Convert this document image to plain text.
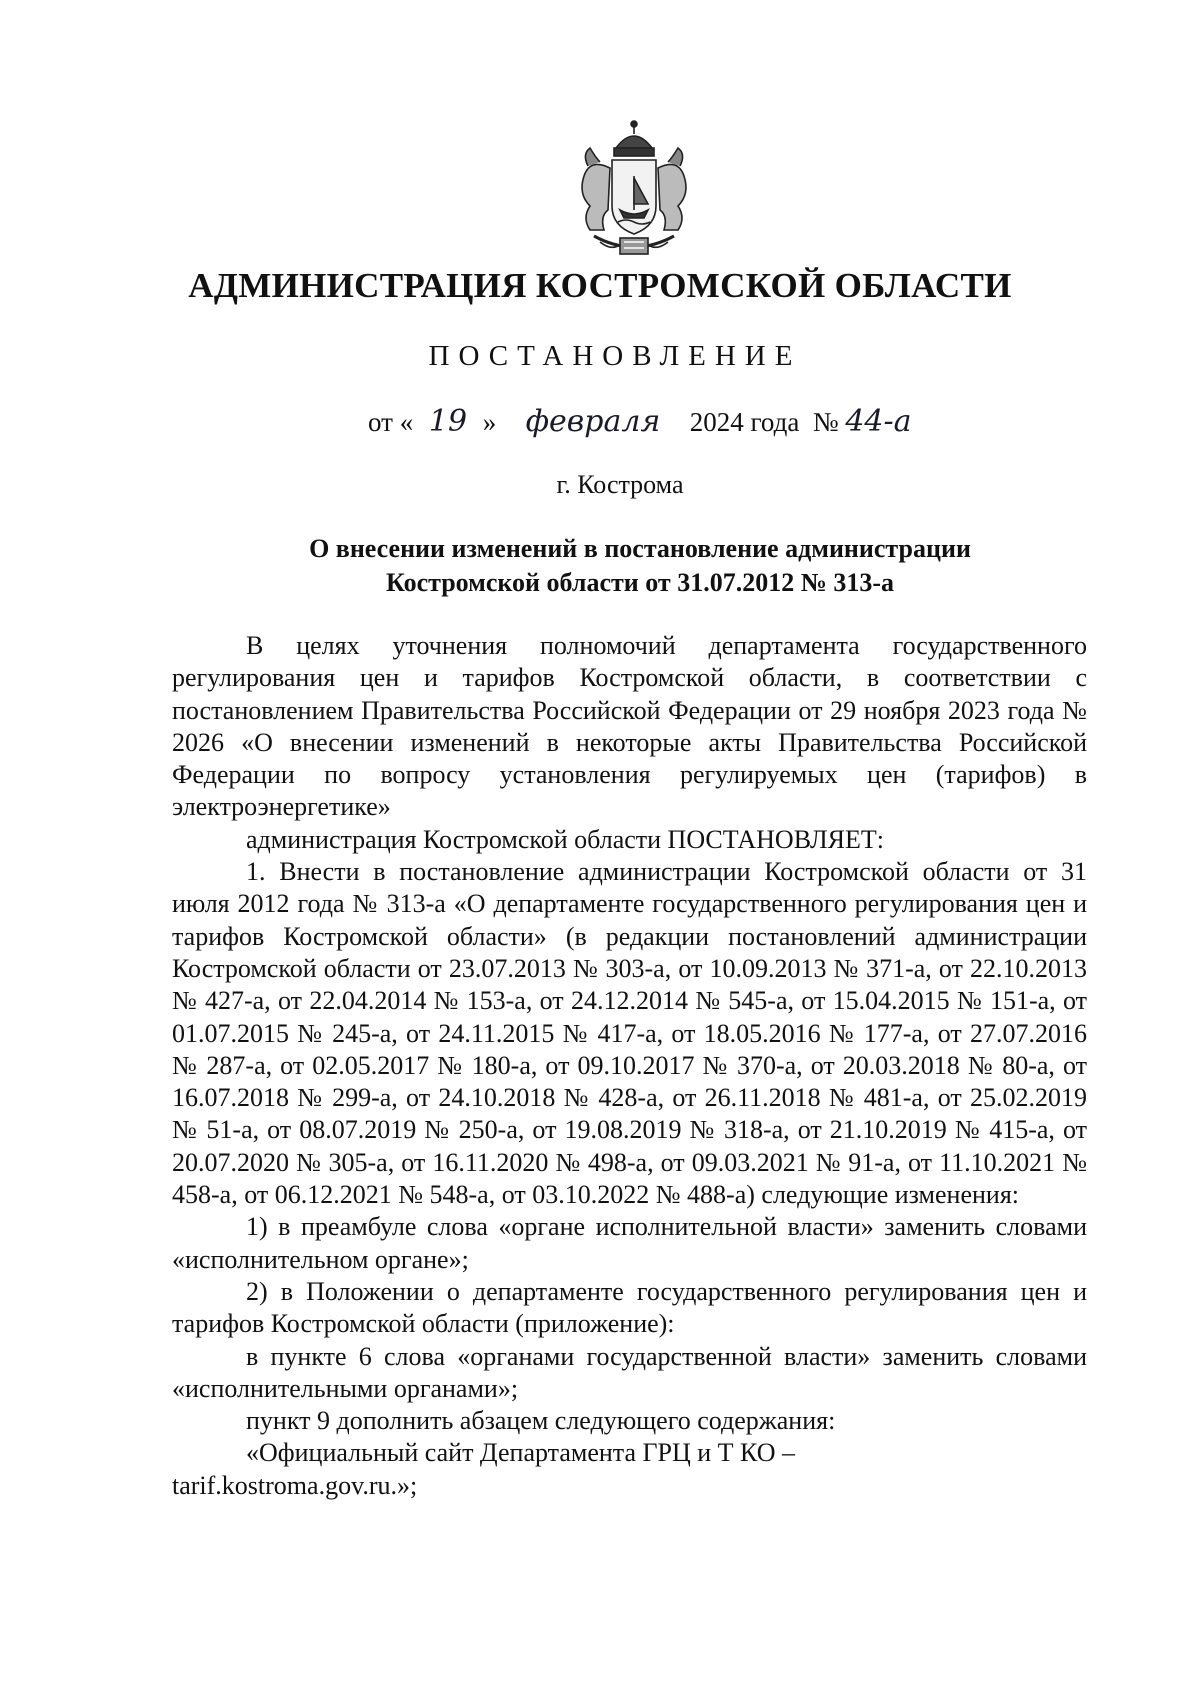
АДМИНИСТРАЦИЯ КОСТРОМСКОЙ ОБЛАСТИ
ПОСТАНОВЛЕНИЕ
от « 19 » февраля 2024 года № 44-а
г. Кострома
О внесении изменений в постановление администрации
Костромской области от 31.07.2012 № 313-а

В целях уточнения полномочий департамента государственного регулирования цен и тарифов Костромской области, в соответствии с постановлением Правительства Российской Федерации от 29 ноября 2023 года № 2026 «О внесении изменений в некоторые акты Правительства Российской Федерации по вопросу установления регулируемых цен (тарифов) в электроэнергетике»

администрация Костромской области ПОСТАНОВЛЯЕТ:

1. Внести в постановление администрации Костромской области от 31 июля 2012 года № 313-а «О департаменте государственного регулирования цен и тарифов Костромской области» (в редакции постановлений администрации Костромской области от 23.07.2013 № 303-а, от 10.09.2013 № 371-а, от 22.10.2013 № 427-а, от 22.04.2014 № 153-а, от 24.12.2014 № 545-а, от 15.04.2015 № 151-а, от 01.07.2015 № 245-а, от 24.11.2015 № 417-а, от 18.05.2016 № 177-а, от 27.07.2016 № 287-а, от 02.05.2017 № 180-а, от 09.10.2017 № 370-а, от 20.03.2018 № 80-а, от 16.07.2018 № 299-а, от 24.10.2018 № 428-а, от 26.11.2018 № 481-а, от 25.02.2019 № 51-а, от 08.07.2019 № 250-а, от 19.08.2019 № 318-а, от 21.10.2019 № 415-а, от 20.07.2020 № 305-а, от 16.11.2020 № 498-а, от 09.03.2021 № 91-а, от 11.10.2021 № 458-а, от 06.12.2021 № 548-а, от 03.10.2022 № 488-а) следующие изменения:

1) в преамбуле слова «органе исполнительной власти» заменить словами «исполнительном органе»;

2) в Положении о департаменте государственного регулирования цен и тарифов Костромской области (приложение):

в пункте 6 слова «органами государственной власти» заменить словами «исполнительными органами»;

пункт 9 дополнить абзацем следующего содержания:

«Официальный сайт Департамента ГРЦ и Т КО –

tarif.kostroma.gov.ru.»;
